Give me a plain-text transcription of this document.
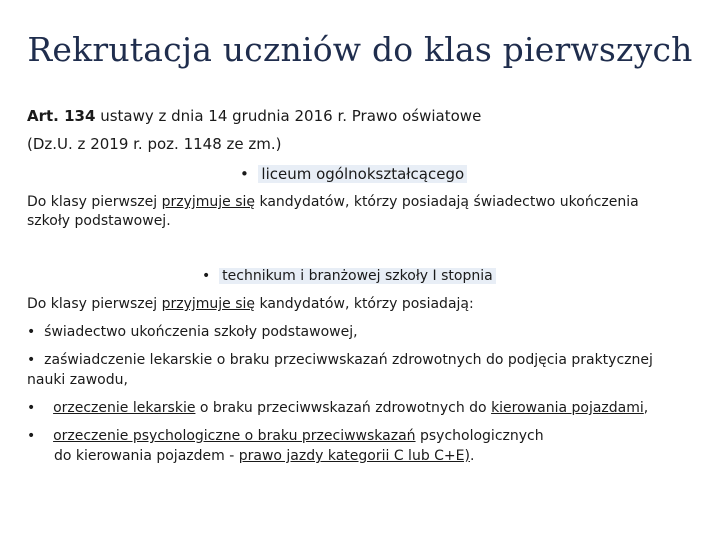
Rekrutacja uczniów do klas pierwszych
Art. 134 ustawy z dnia 14 grudnia 2016 r. Prawo oświatowe
(Dz.U. z 2019 r. poz. 1148 ze zm.)
• liceum ogólnokształcącego
Do klasy pierwszej przyjmuje się kandydatów, którzy posiadają świadectwo ukończenia
szkoły podstawowej.
• technikum i branżowej szkoły I stopnia
Do klasy pierwszej przyjmuje się kandydatów, którzy posiadają:
• świadectwo ukończenia szkoły podstawowej,
• zaświadczenie lekarskie o braku przeciwwskazań zdrowotnych do podjęcia praktycznej
nauki zawodu,
• orzeczenie lekarskie o braku przeciwwskazań zdrowotnych do kierowania pojazdami,
• orzeczenie psychologiczne o braku przeciwwskazań psychologicznych
do kierowania pojazdem - prawo jazdy kategorii C lub C+E).
